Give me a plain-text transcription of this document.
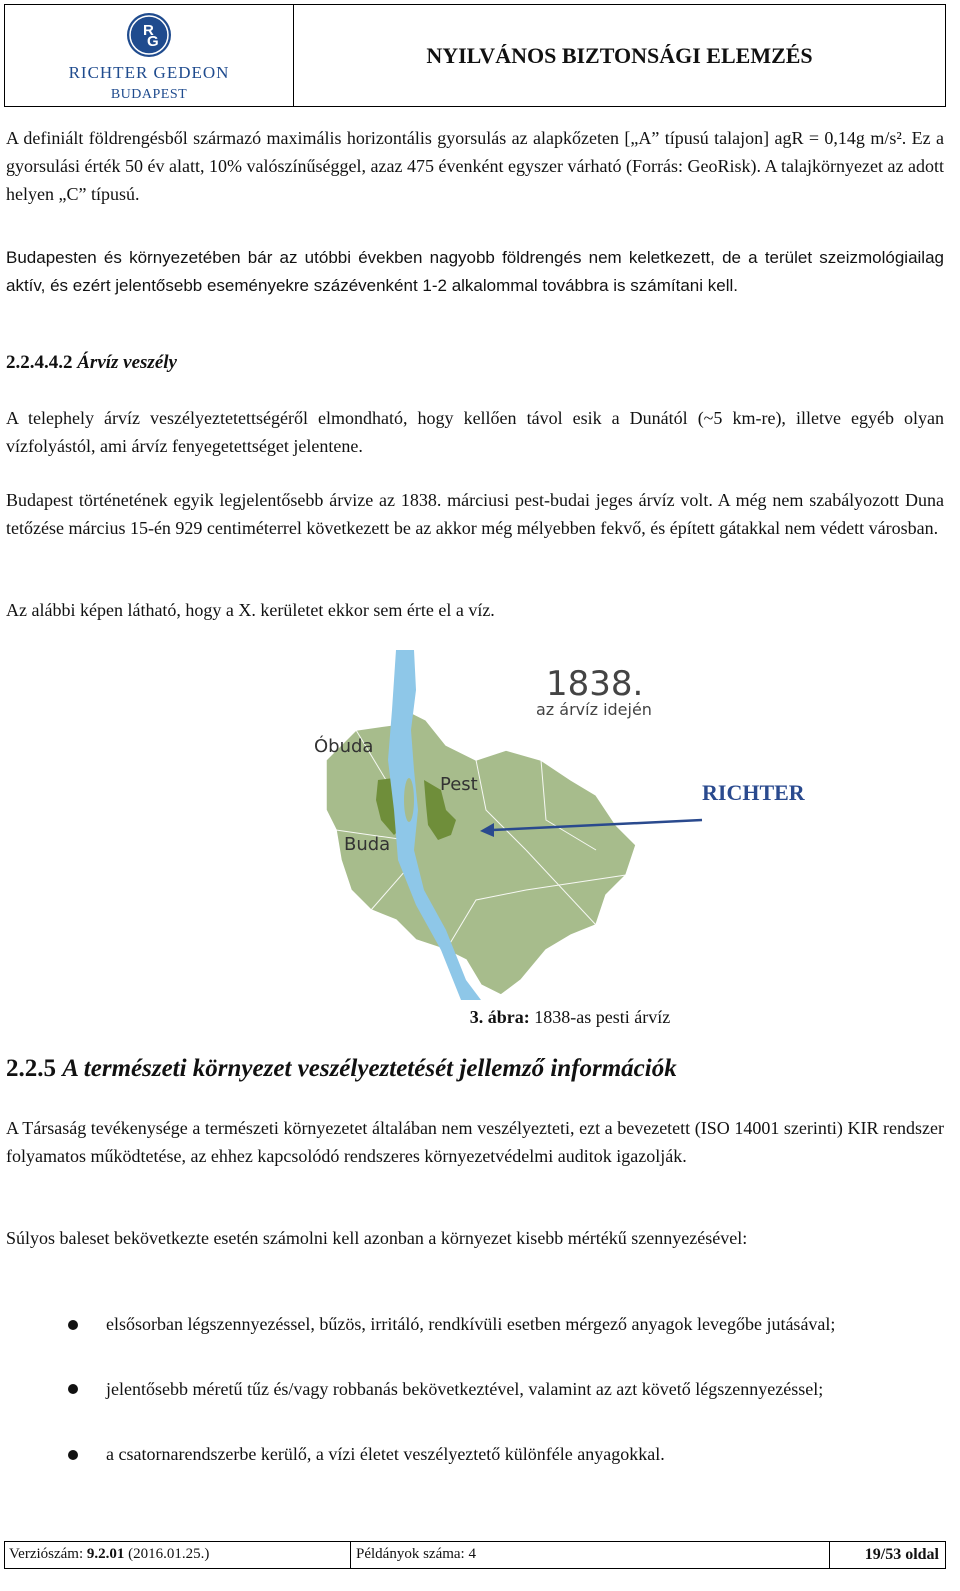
R
G
RICHTER GEDEON
BUDAPEST
NYILVÁNOS BIZTONSÁGI ELEMZÉS
A definiált földrengésből származó maximális horizontális gyorsulás az alapkőzeten [„A” típusú talajon] agR = 0,14g m/s². Ez a gyorsulási érték 50 év alatt, 10% valószínűséggel, azaz 475 évenként egyszer várható (Forrás: GeoRisk). A talajkörnyezet az adott helyen „C” típusú.
Budapesten és környezetében bár az utóbbi években nagyobb földrengés nem keletkezett, de a terület szeizmológiailag aktív, és ezért jelentősebb eseményekre százévenként 1-2 alkalommal továbbra is számítani kell.
2.2.4.4.2 Árvíz veszély
A telephely árvíz veszélyeztetettségéről elmondható, hogy kellően távol esik a Dunától (~5 km-re), illetve egyéb olyan vízfolyástól, ami árvíz fenyegetettséget jelentene.
Budapest történetének egyik legjelentősebb árvize az 1838. márciusi pest-budai jeges árvíz volt. A még nem szabályozott Duna tetőzése március 15-én 929 centiméterrel következett be az akkor még mélyebben fekvő, és épített gátakkal nem védett városban.
Az alábbi képen látható, hogy a X. kerületet ekkor sem érte el a víz.
1838.
az árvíz idején
Óbuda
Pest
Buda
RICHTER
3. ábra: 1838-as pesti árvíz
2.2.5 A természeti környezet veszélyeztetését jellemző információk
A Társaság tevékenysége a természeti környezetet általában nem veszélyezteti, ezt a bevezetett (ISO 14001 szerinti) KIR rendszer folyamatos működtetése, az ehhez kapcsolódó rendszeres környezetvédelmi auditok igazolják.
Súlyos baleset bekövetkezte esetén számolni kell azonban a környezet kisebb mértékű szennyezésével:
elsősorban légszennyezéssel, bűzös, irritáló, rendkívüli esetben mérgező anyagok levegőbe jutásával;
jelentősebb méretű tűz és/vagy robbanás bekövetkeztével, valamint az azt követő légszennyezéssel;
a csatornarendszerbe kerülő, a vízi életet veszélyeztető különféle anyagokkal.
Verziószám: 9.2.01 (2016.01.25.)	Példányok száma: 4	19/53 oldal
